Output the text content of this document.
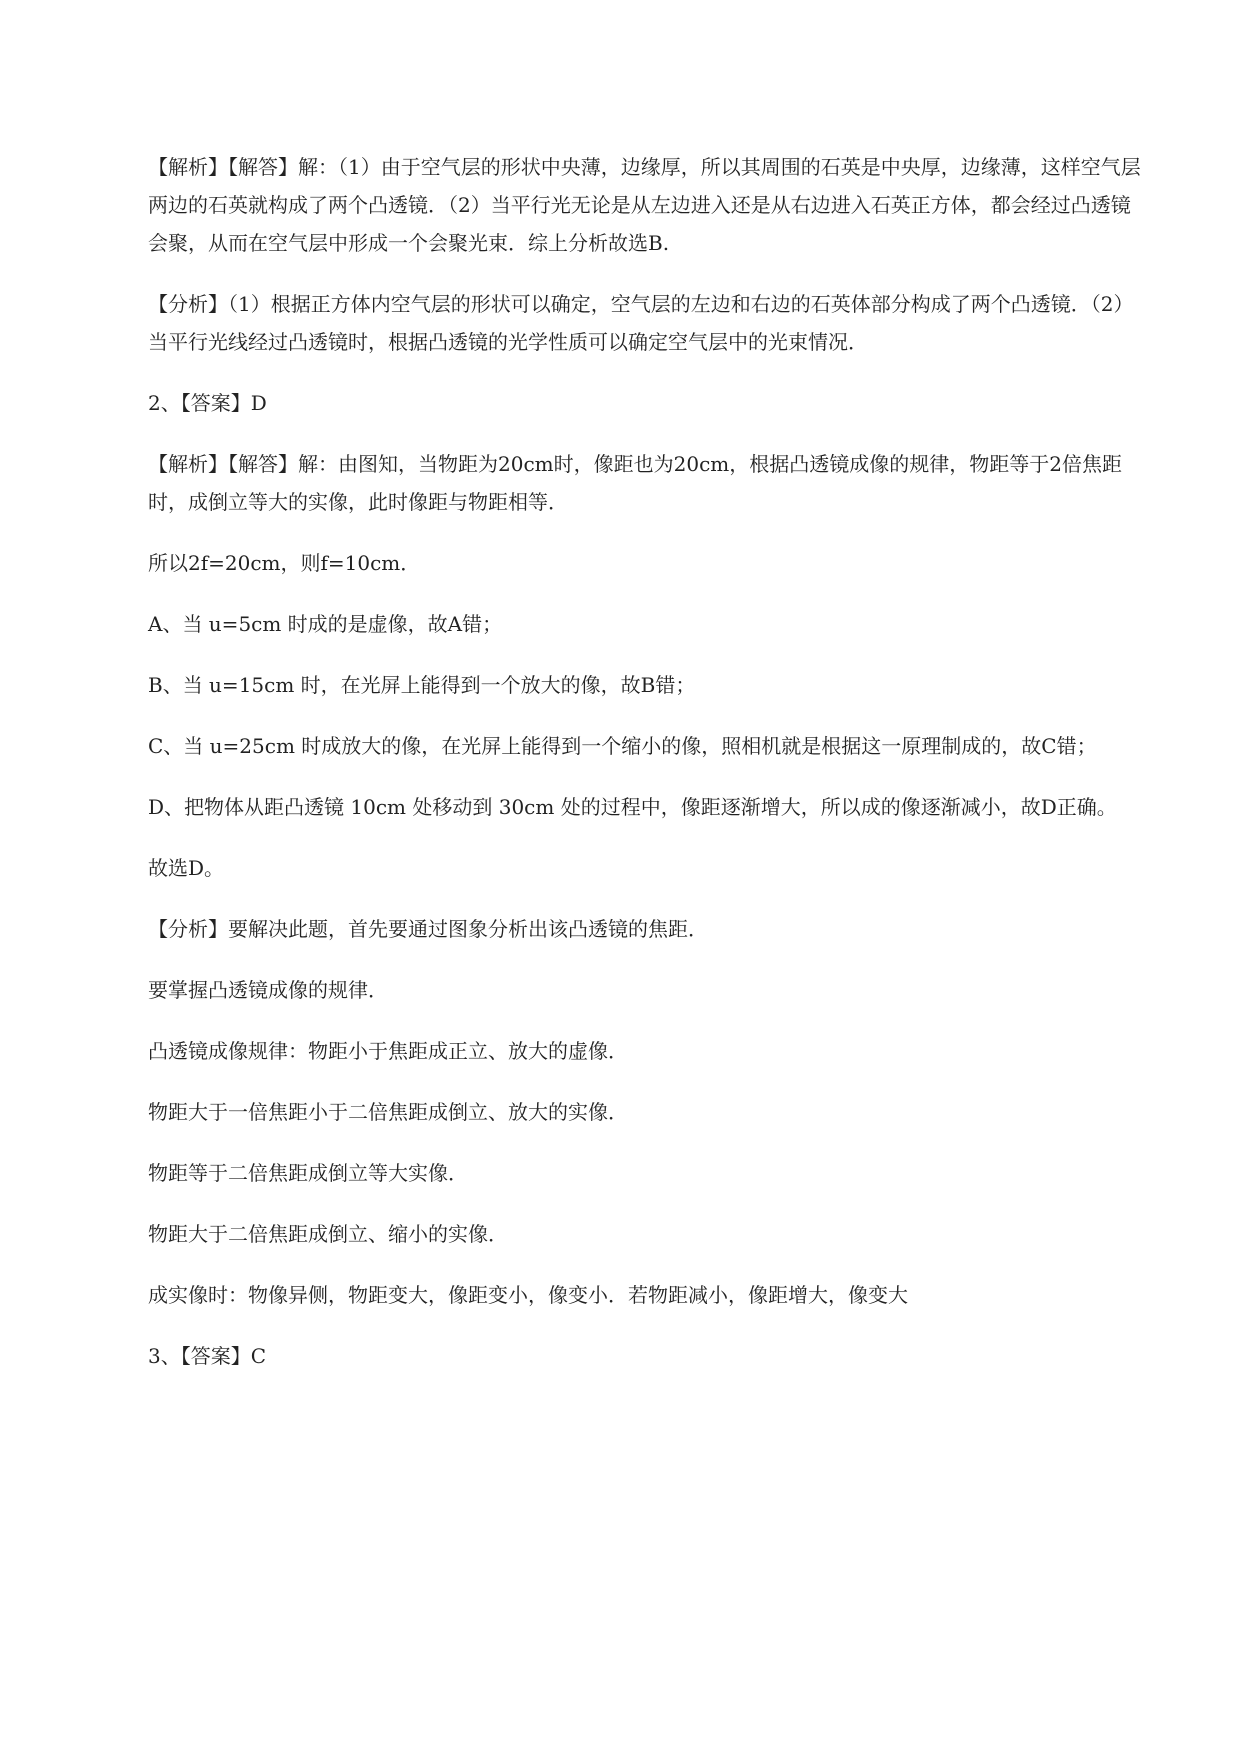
【解析】【解答】解：（1）由于空气层的形状中央薄，边缘厚，所以其周围的石英是中央厚，边缘薄，这样空气层两边的石英就构成了两个凸透镜．（2）当平行光无论是从左边进入还是从右边进入石英正方体，都会经过凸透镜会聚，从而在空气层中形成一个会聚光束．综上分析故选B.

【分析】（1）根据正方体内空气层的形状可以确定，空气层的左边和右边的石英体部分构成了两个凸透镜．（2）当平行光线经过凸透镜时，根据凸透镜的光学性质可以确定空气层中的光束情况．

2、【答案】D

【解析】【解答】解：由图知，当物距为20cm时，像距也为20cm，根据凸透镜成像的规律，物距等于2倍焦距时，成倒立等大的实像，此时像距与物距相等．

所以2f=20cm，则f=10cm．

A、当 u=5cm 时成的是虚像，故A错；

B、当 u=15cm 时，在光屏上能得到一个放大的像，故B错；

C、当 u=25cm 时成放大的像，在光屏上能得到一个缩小的像，照相机就是根据这一原理制成的，故C错；

D、把物体从距凸透镜 10cm 处移动到 30cm 处的过程中，像距逐渐增大，所以成的像逐渐减小，故D正确。

故选D。

【分析】要解决此题，首先要通过图象分析出该凸透镜的焦距．

要掌握凸透镜成像的规律．

凸透镜成像规律：物距小于焦距成正立、放大的虚像．

物距大于一倍焦距小于二倍焦距成倒立、放大的实像．

物距等于二倍焦距成倒立等大实像．

物距大于二倍焦距成倒立、缩小的实像．

成实像时：物像异侧，物距变大，像距变小，像变小．若物距减小，像距增大，像变大

3、【答案】C
